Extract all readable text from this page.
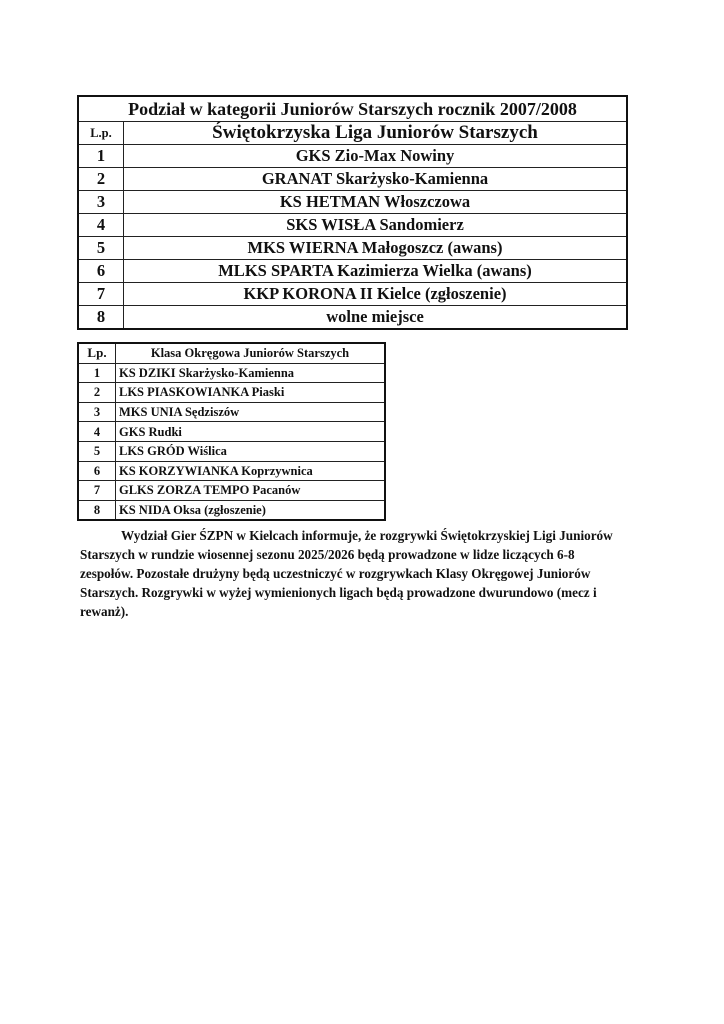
Podział w kategorii Juniorów Starszych rocznik 2007/2008	
L.p.	Świętokrzyska Liga Juniorów Starszych
1	GKS Zio-Max Nowiny
2	GRANAT Skarżysko-Kamienna
3	KS HETMAN Włoszczowa
4	SKS WISŁA Sandomierz
5	MKS WIERNA Małogoszcz (awans)
6	MLKS SPARTA Kazimierza Wielka (awans)
7	KKP KORONA II Kielce (zgłoszenie)
8	wolne miejsce
Lp.	Klasa Okręgowa Juniorów Starszych
1	KS DZIKI Skarżysko-Kamienna
2	LKS PIASKOWIANKA Piaski
3	MKS UNIA Sędziszów
4	GKS Rudki
5	LKS GRÓD Wiślica
6	KS KORZYWIANKA Koprzywnica
7	GLKS ZORZA TEMPO Pacanów
8	KS NIDA Oksa (zgłoszenie)

Wydział Gier ŚZPN w Kielcach informuje, że rozgrywki Świętokrzyskiej Ligi Juniorów Starszych w rundzie wiosennej sezonu 2025/2026 będą prowadzone w lidze liczących 6-8 zespołów. Pozostałe drużyny będą uczestniczyć w rozgrywkach Klasy Okręgowej Juniorów Starszych. Rozgrywki w wyżej wymienionych ligach będą prowadzone dwurundowo (mecz i rewanż).
